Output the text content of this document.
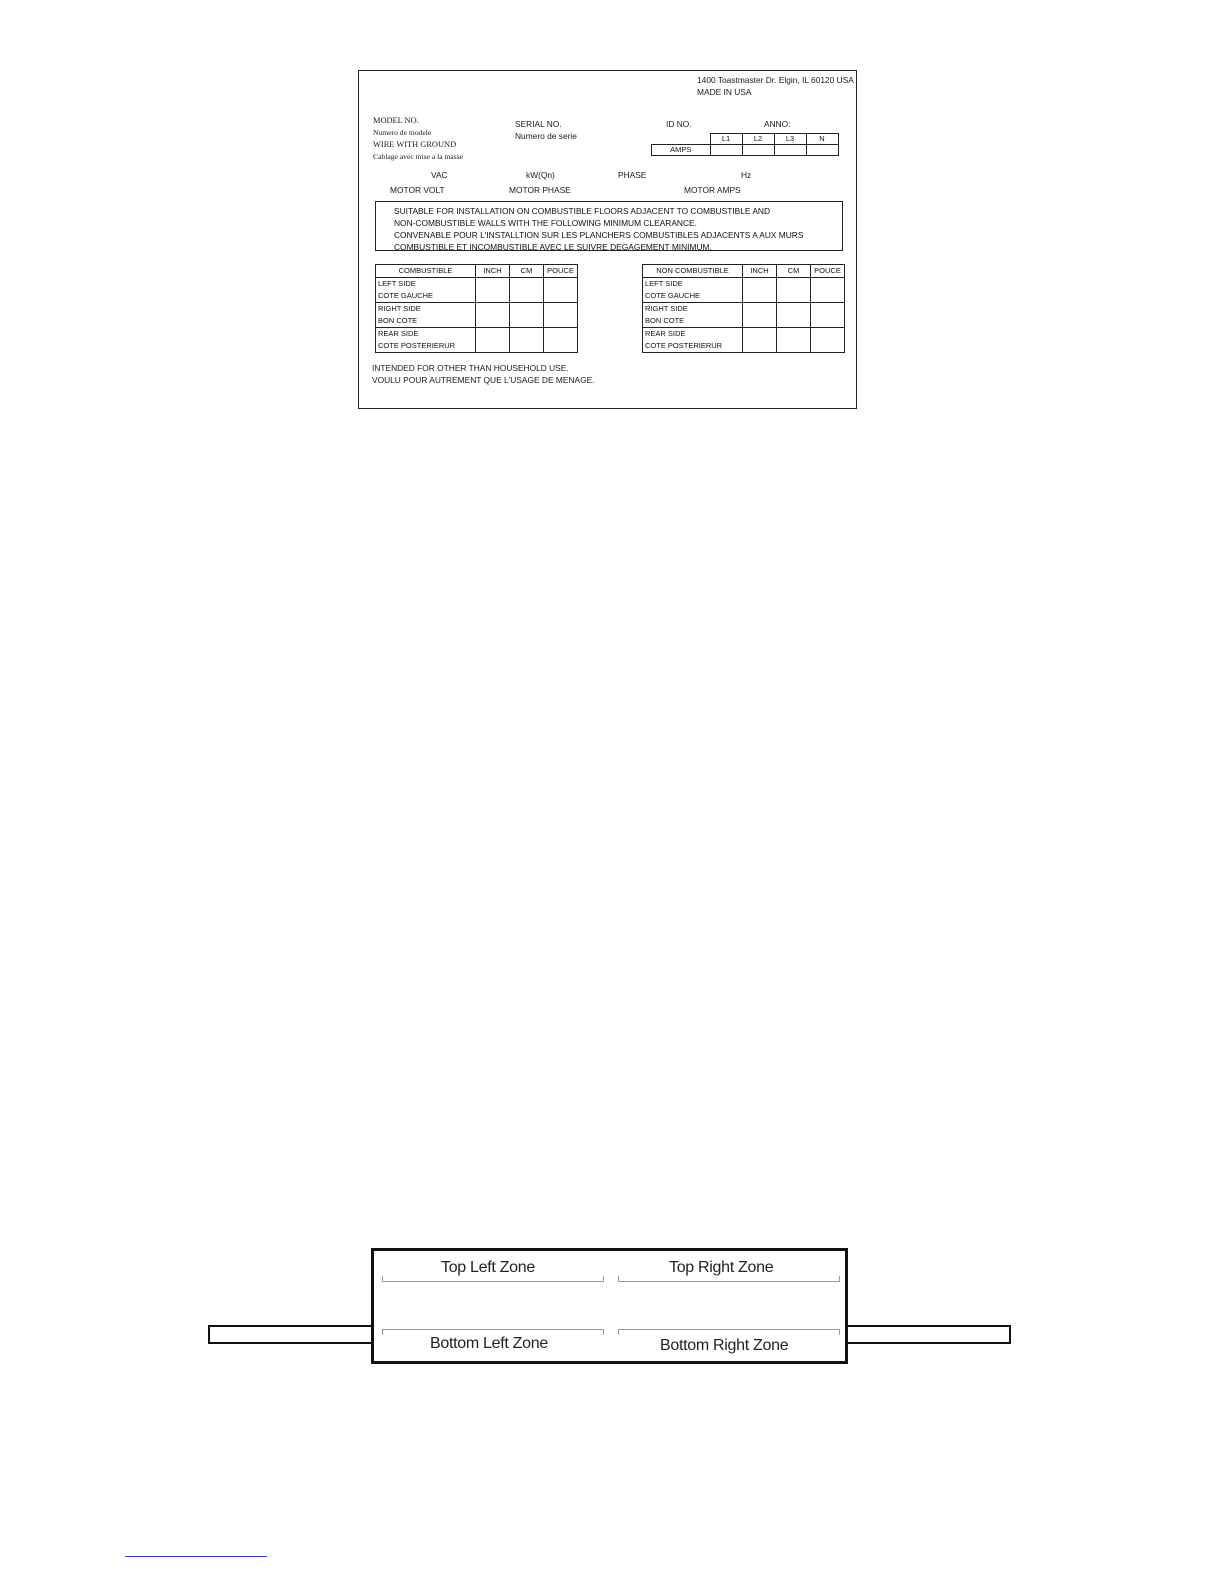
1400 Toastmaster Dr. Elgin, IL 60120 USA
MADE IN USA
MODEL NO.
Numero de modele
WIRE WITH GROUND
Cablage avec mise a la masse
SERIAL NO.
Numero de serie
ID NO.	ANNO:
	L1	L2	L3	N
AMPS				
VAC	kW(Qn)	PHASE	Hz
MOTOR VOLT	MOTOR PHASE	MOTOR AMPS
SUITABLE FOR INSTALLATION ON COMBUSTIBLE FLOORS ADJACENT TO COMBUSTIBLE AND
NON-COMBUSTIBLE WALLS WITH THE FOLLOWING MINIMUM CLEARANCE.
CONVENABLE POUR L'INSTALLTION SUR LES PLANCHERS COMBUSTIBLES ADJACENTS A AUX MURS
COMBUSTIBLE ET INCOMBUSTIBLE AVEC LE SUIVRE DEGAGEMENT MINIMUM.
COMBUSTIBLE	INCH	CM	POUCE

LEFT SIDE
COTE GAUCHE			

RIGHT SIDE
BON COTE			

REAR SIDE
COTE POSTERIERUR			

NON COMBUSTIBLE	INCH	CM	POUCE

LEFT SIDE
COTE GAUCHE			

RIGHT SIDE
BON COTE			

REAR SIDE
COTE POSTERIERUR			

INTENDED FOR OTHER THAN HOUSEHOLD USE.
VOULU POUR AUTREMENT QUE L'USAGE DE MENAGE.
Top Left Zone	Top Right Zone
Bottom Left Zone	Bottom Right Zone
